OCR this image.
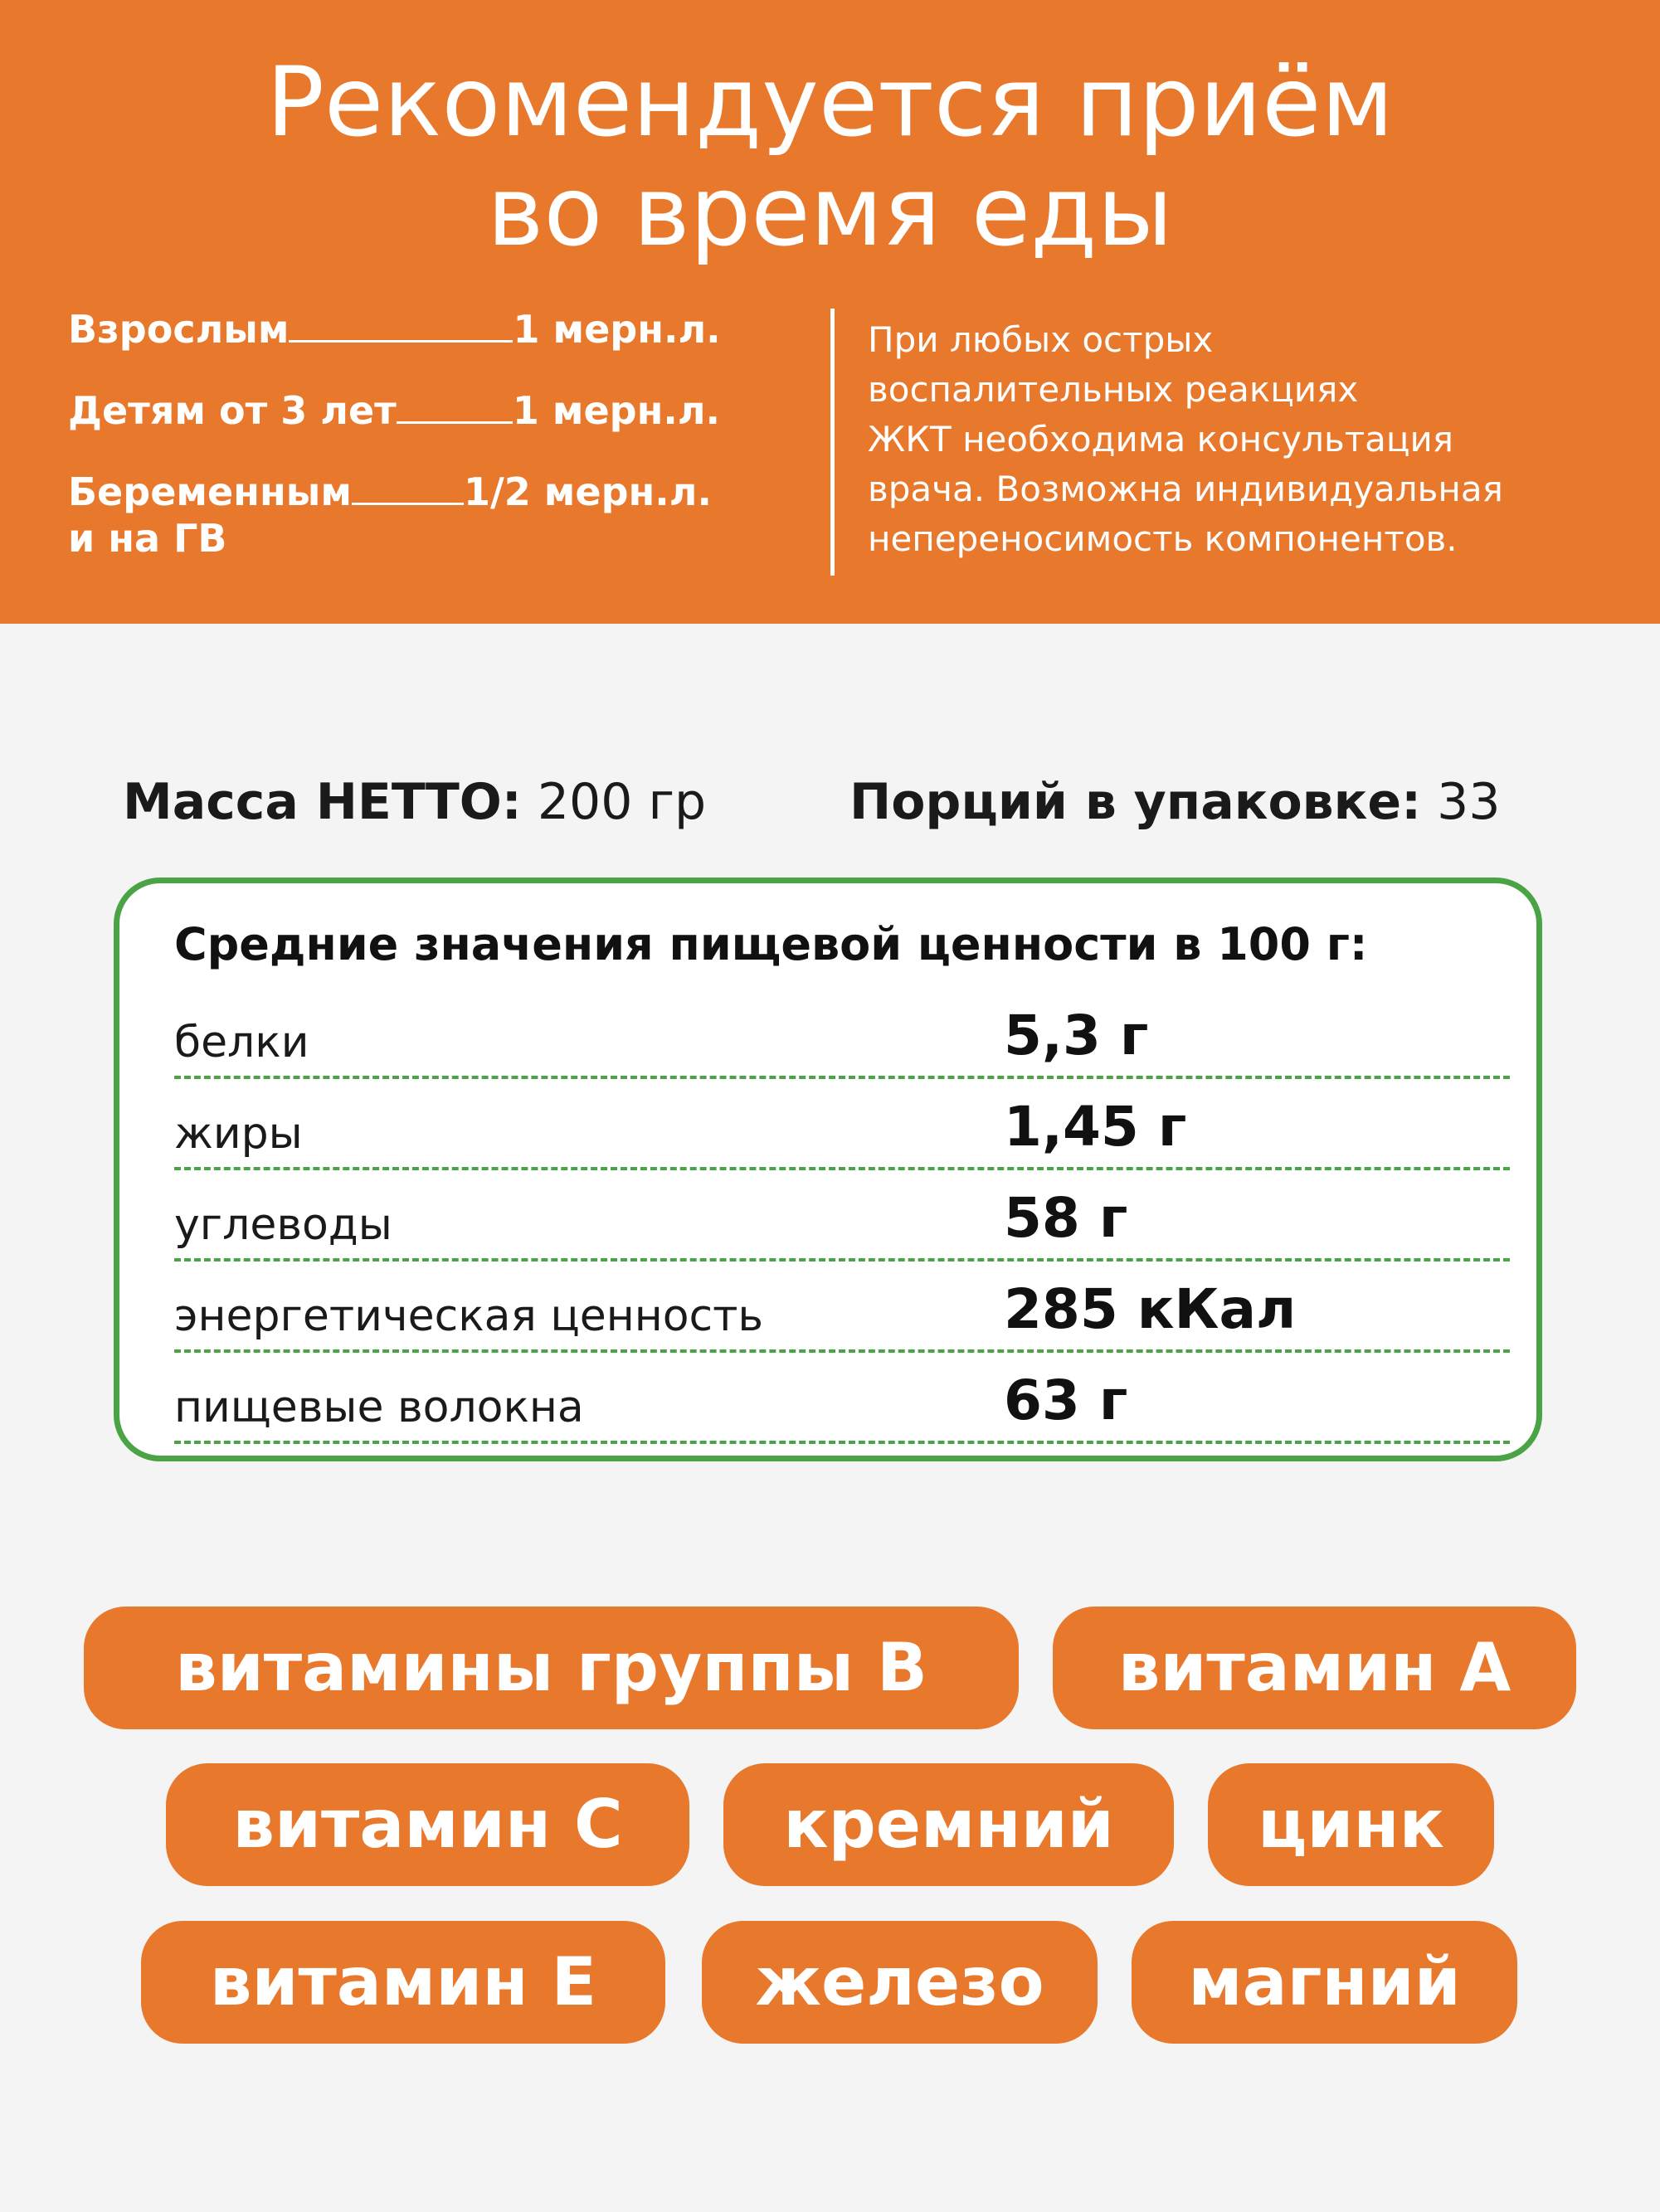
Рекомендуется приём
во время еды
Взрослым	1 мерн.л.
Детям от 3 лет	1 мерн.л.
Беременным	1/2 мерн.л.
и на ГВ
При любых острых
воспалительных реакциях
ЖКТ необходима консультация
врача. Возможна индивидуальная
непереносимость компонентов.
Масса НЕТТО: 200 гр	Порций в упаковке: 33
Средние значения пищевой ценности в 100 г:
белки	5,3 г
жиры	1,45 г
углеводы	58 г
энергетическая ценность	285 кКал
пищевые волокна	63 г
витамины группы В	витамин А
витамин С	кремний	цинк
витамин Е	железо	магний
